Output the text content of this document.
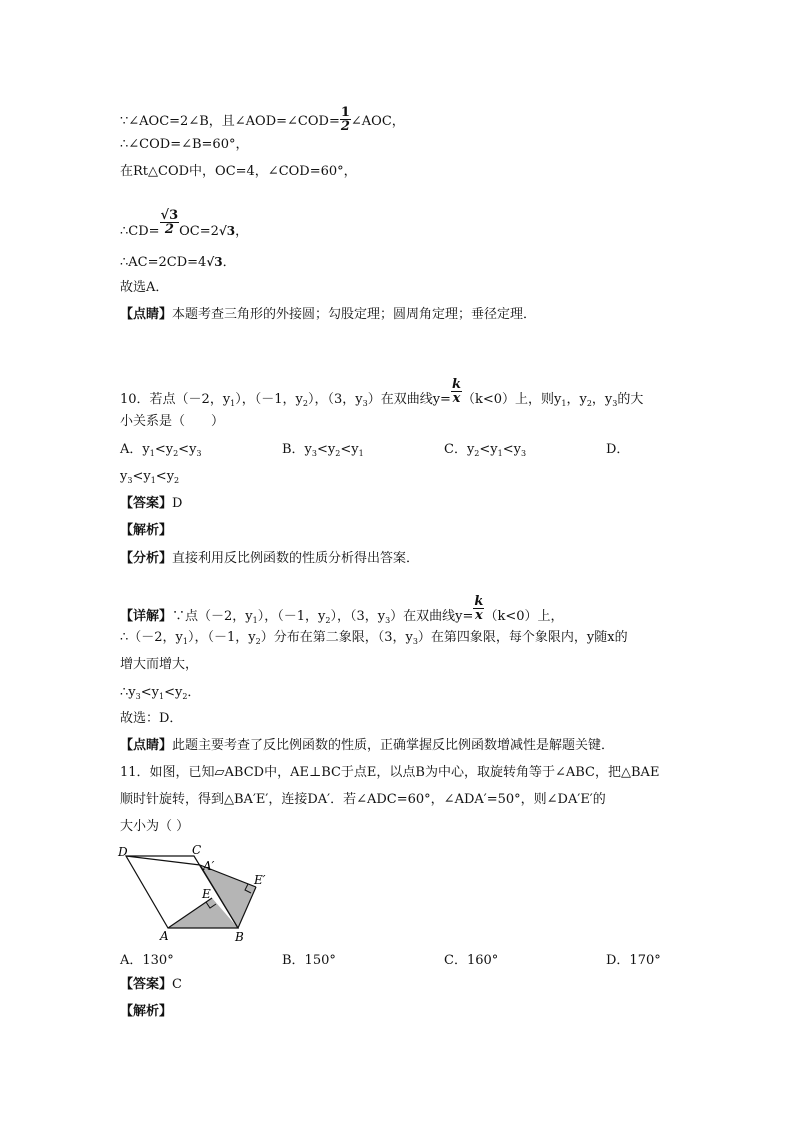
∵∠AOC=2∠B，且∠AOD=∠COD= $\frac{1}{2}$ ∠AOC，
∴∠COD=∠B=60°，
在Rt△COD中，OC=4，∠COD=60°，
∴CD= $\frac{√3}{2} OC=2√3$，
∴AC=2CD=4√3．
故选A．
【点睛】本题考查三角形的外接圆；勾股定理；圆周角定理；垂径定理．
10．若点（－2，$y_1$），（－1，$y_2$），（3，$y_3$）在双曲线$y= \frac{k}{x} (k<0)$上，则$y_1$，$y_2$，$y_3$的大
小关系是（　　）
A．$y_1<y_2<y_3$	B．$y_3<y_2<y_1$	C．$y_2<y_1<y_3$	D．
$y_3<y_1<y_2$
【答案】D
【解析】
【分析】直接利用反比例函数的性质分析得出答案．
【详解】∵点（－2，$y_1$），（－1，$y_2$），（3，$y_3$）在双曲线$y= \frac{k}{x} (k<0)$上，
∴（－2，$y_1$），（－1，$y_2$）分布在第二象限，（3，$y_3$）在第四象限，每个象限内，y随x的
增大而增大，
$\therefore y_3<y_1<y_2$．
故选：D．
【点睛】此题主要考查了反比例函数的性质，正确掌握反比例函数增减性是解题关键．
11．如图，已知▱ABCD中，AE⊥BC于点E，以点B为中心，取旋转角等于∠ABC，把△BAE
顺时针旋转，得到△BA′E′，连接DA′．若∠ADC=60°，∠ADA′=50°，则∠DA′E′的
大小为（ ）
D	C
A′
E′
E
A	B
A．130°	B．150°	C．160°	D．170°
【答案】C
【解析】
